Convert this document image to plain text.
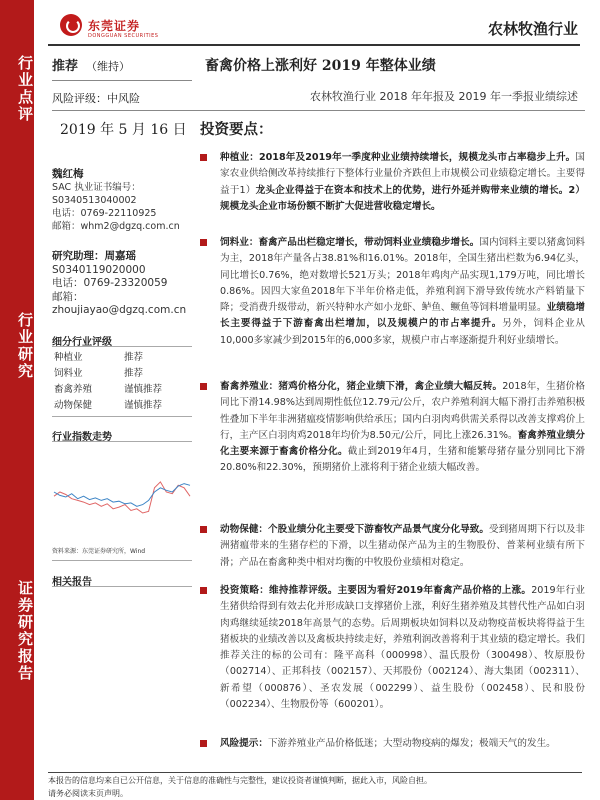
行业点评
行业研究
证券研究报告
东莞证券
DONGGUAN SECURITIES	农林牧渔行业
推荐 （维持）
风险评级：中风险
2019 年 5 月 16 日
魏红梅
SAC 执业证书编号：
S0340513040002
电话：0769-22110925
邮箱：whm2@dgzq.com.cn
研究助理：周嘉瑶
S0340119020000
电话：0769-23320059
邮箱：
zhoujiayao@dgzq.com.cn
细分行业评级
种植业	推荐
饲料业	推荐
畜禽养殖	谨慎推荐
动物保健	谨慎推荐
行业指数走势
资料来源：东莞证券研究所，Wind
相关报告
畜禽价格上涨利好 2019 年整体业绩
农林牧渔行业 2018 年年报及 2019 年一季报业绩综述
投资要点：
种植业：2018年及2019年一季度种业业绩持续增长，规模龙头市占率稳步上升。国家农业供给侧改革持续推行下整体行业量价齐跌但上市规模公司业绩稳定增长。主要得益于1）龙头企业得益于在资本和技术上的优势，进行外延并购带来业绩的增长。2）规模龙头企业市场份额不断扩大促进营收稳定增长。
饲料业：畜禽产品出栏稳定增长，带动饲料业业绩稳步增长。国内饲料主要以猪禽饲料为主，2018年产量各占38.81%和16.01%。2018年，全国生猪出栏数为6.94亿头，同比增长0.76%，绝对数增长521万头；2018年鸡肉产品实现1,179万吨，同比增长0.86%。因四大家鱼2018年下半年价格走低，养殖利润下滑导致传统水产料销量下降；受消费升级带动，新兴特种水产如小龙虾、鲈鱼、鳜鱼等饲料增量明显。业绩稳增长主要得益于下游畜禽出栏增加，以及规模户的市占率提升。另外，饲料企业从10,000多家减少到2015年的6,000多家，规模户市占率逐渐提升利好业绩增长。
畜禽养殖业：猪鸡价格分化，猪企业绩下滑，禽企业绩大幅反转。2018年，生猪价格同比下滑14.98%达到周期性低位12.79元/公斤，农户养殖利润大幅下滑打击养殖积极性叠加下半年非洲猪瘟疫情影响供给承压；国内白羽肉鸡供需关系得以改善支撑鸡价上行，主产区白羽肉鸡2018年均价为8.50元/公斤，同比上涨26.31%。畜禽养殖业绩分化主要来源于畜禽价格分化。截止到2019年4月，生猪和能繁母猪存量分别同比下滑20.80%和22.30%，预期猪价上涨将利于猪企业绩大幅改善。
动物保健：个股业绩分化主要受下游畜牧产品景气度分化导致。受到猪周期下行以及非洲猪瘟带来的生猪存栏的下滑，以生猪动保产品为主的生物股份、普莱柯业绩有所下滑；产品在畜禽种类中相对均衡的中牧股份业绩相对稳定。
投资策略：维持推荐评级。主要因为看好2019年畜禽产品价格的上涨。2019年行业生猪供给得到有效去化并形成缺口支撑猪价上涨，利好生猪养殖及其替代性产品如白羽肉鸡继续延续2018年高景气的态势。后周期板块如饲料以及动物疫苗板块将得益于生猪板块的业绩改善以及禽板块持续走好，养殖利润改善将利于其业绩的稳定增长。我们推荐关注的标的公司有：隆平高科（000998）、温氏股份（300498）、牧原股份（002714）、正邦科技（002157）、天邦股份（002124）、海大集团（002311）、新希望（000876）、圣农发展（002299）、益生股份（002458）、民和股份（002234）、生物股份等（600201）。
风险提示：下游养殖业产品价格低迷；大型动物疫病的爆发；极端天气的发生。
本报告的信息均来自已公开信息，关于信息的准确性与完整性，建议投资者谨慎判断，据此入市，风险自担。
请务必阅读末页声明。
